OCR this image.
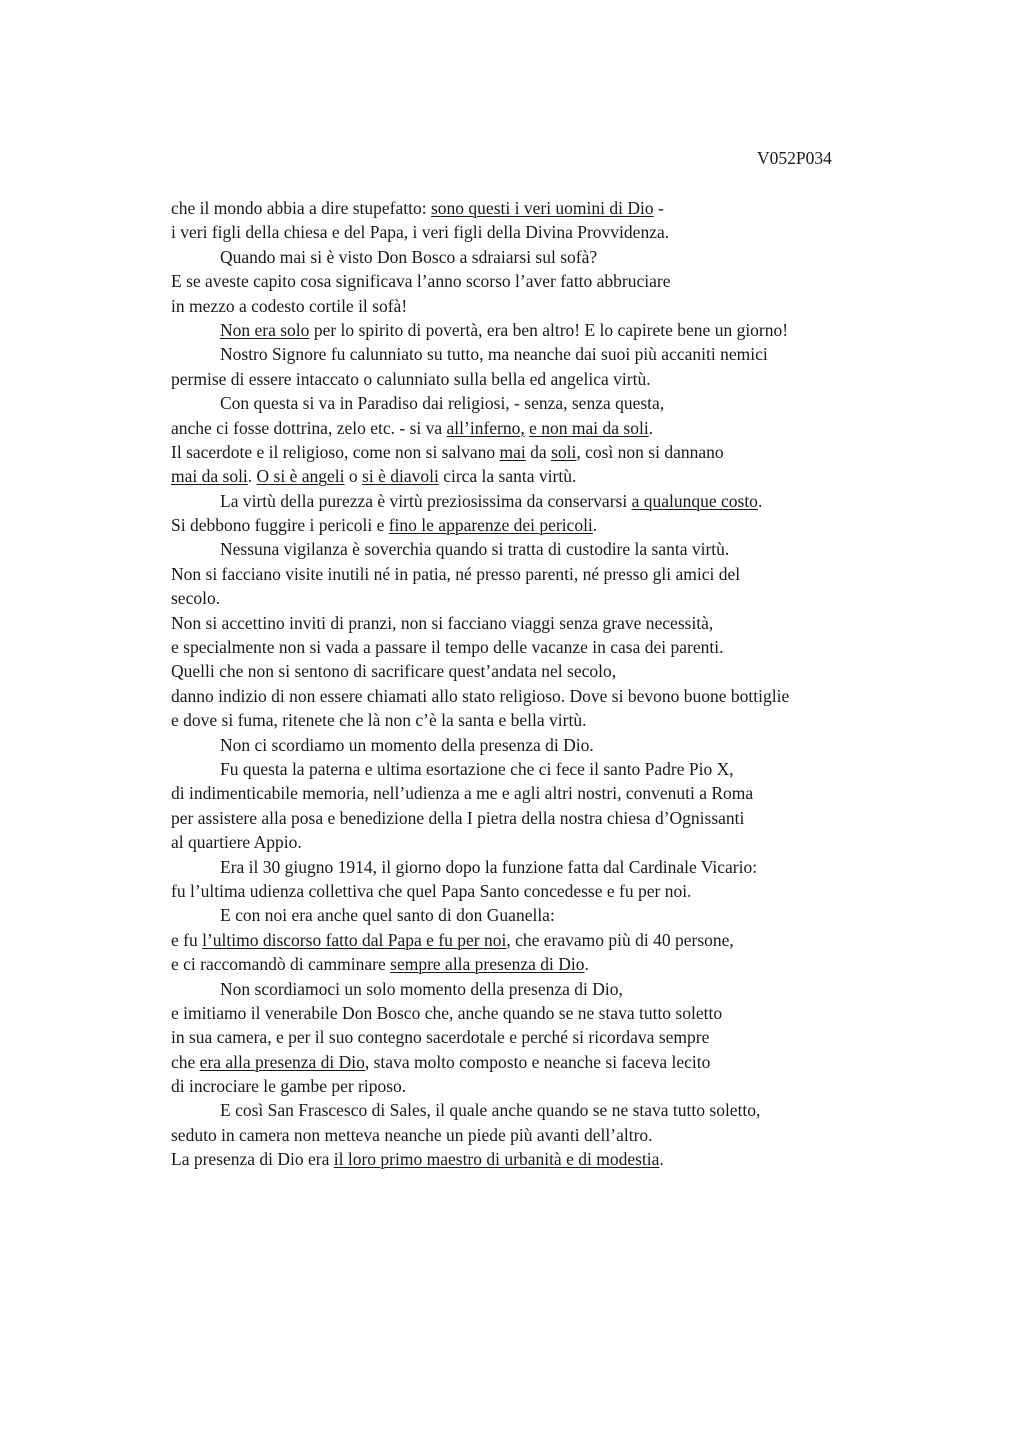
V052P034
che il mondo abbia a dire stupefatto: sono questi i veri uomini di Dio -
i veri figli della chiesa e del Papa, i veri figli della Divina Provvidenza.
Quando mai si è visto Don Bosco a sdraiarsi sul sofà?
E se aveste capito cosa significava l’anno scorso l’aver fatto abbruciare
in mezzo a codesto cortile il sofà!
Non era solo per lo spirito di povertà, era ben altro! E lo capirete bene un giorno!
Nostro Signore fu calunniato su tutto, ma neanche dai suoi più accaniti nemici
permise di essere intaccato o calunniato sulla bella ed angelica virtù.
Con questa si va in Paradiso dai religiosi, - senza, senza questa,
anche ci fosse dottrina, zelo etc. - si va all’inferno, e non mai da soli.
Il sacerdote e il religioso, come non si salvano mai da soli, così non si dannano
mai da soli. O si è angeli o si è diavoli circa la santa virtù.
La virtù della purezza è virtù preziosissima da conservarsi a qualunque costo.
Si debbono fuggire i pericoli e fino le apparenze dei pericoli.
Nessuna vigilanza è soverchia quando si tratta di custodire la santa virtù.
Non si facciano visite inutili né in patia, né presso parenti, né presso gli amici del
secolo.
Non si accettino inviti di pranzi, non si facciano viaggi senza grave necessità,
e specialmente non si vada a passare il tempo delle vacanze in casa dei parenti.
Quelli che non si sentono di sacrificare quest’andata nel secolo,
danno indizio di non essere chiamati allo stato religioso. Dove si bevono buone bottiglie
e dove si fuma, ritenete che là non c’è la santa e bella virtù.
Non ci scordiamo un momento della presenza di Dio.
Fu questa la paterna e ultima esortazione che ci fece il santo Padre Pio X,
di indimenticabile memoria, nell’udienza a me e agli altri nostri, convenuti a Roma
per assistere alla posa e benedizione della I pietra della nostra chiesa d’Ognissanti
al quartiere Appio.
Era il 30 giugno 1914, il giorno dopo la funzione fatta dal Cardinale Vicario:
fu l’ultima udienza collettiva che quel Papa Santo concedesse e fu per noi.
E con noi era anche quel santo di don Guanella:
e fu l’ultimo discorso fatto dal Papa e fu per noi, che eravamo più di 40 persone,
e ci raccomandò di camminare sempre alla presenza di Dio.
Non scordiamoci un solo momento della presenza di Dio,
e imitiamo il venerabile Don Bosco che, anche quando se ne stava tutto soletto
in sua camera, e per il suo contegno sacerdotale e perché si ricordava sempre
che era alla presenza di Dio, stava molto composto e neanche si faceva lecito
di incrociare le gambe per riposo.
E così San Frascesco di Sales, il quale anche quando se ne stava tutto soletto,
seduto in camera non metteva neanche un piede più avanti dell’altro.
La presenza di Dio era il loro primo maestro di urbanità e di modestia.
